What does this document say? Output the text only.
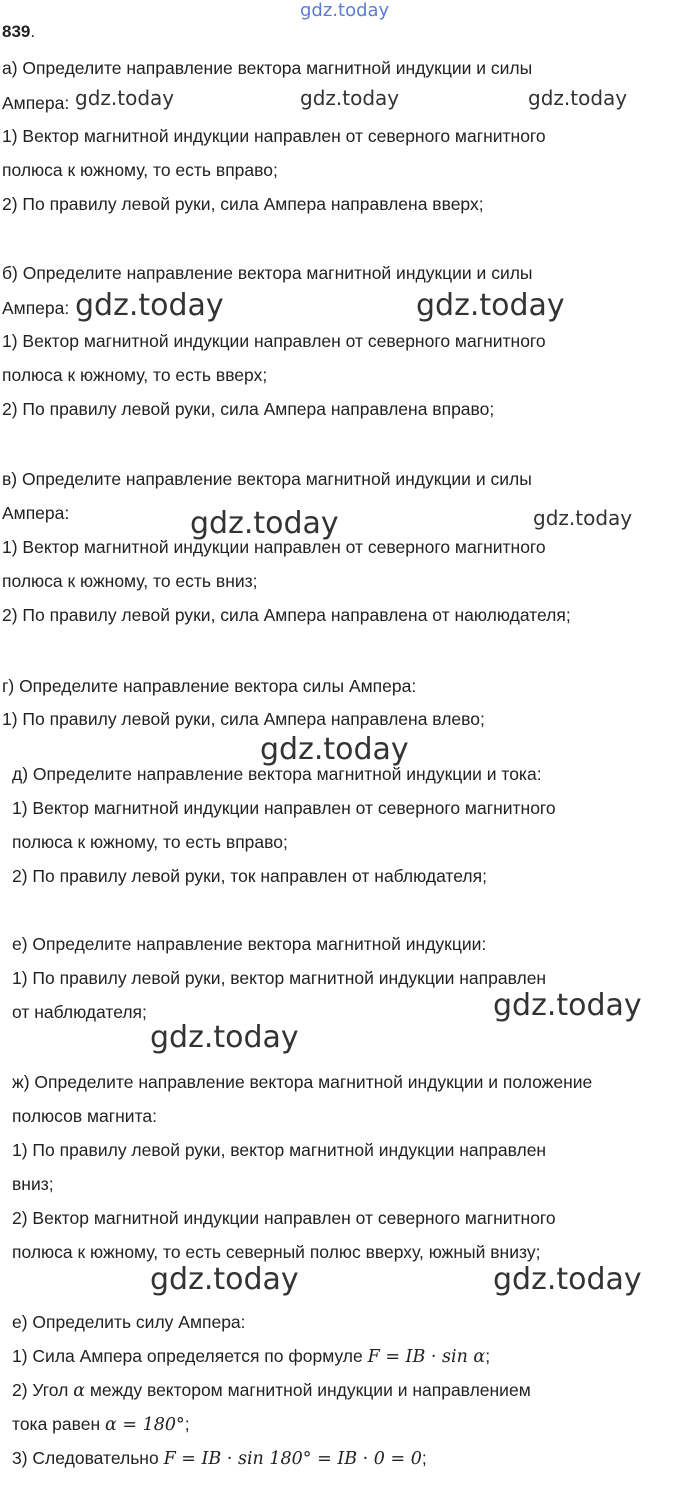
gdz.today
gdz.today	gdz.today	gdz.today
gdz.today	gdz.today
gdz.today	gdz.today
gdz.today
gdz.today
gdz.today
gdz.today	gdz.today
839.
а) Определите направление вектора магнитной индукции и силы
Ампера:
1) Вектор магнитной индукции направлен от северного магнитного
полюса к южному, то есть вправо;
2) По правилу левой руки, сила Ампера направлена вверх;
б) Определите направление вектора магнитной индукции и силы
Ампера:
1) Вектор магнитной индукции направлен от северного магнитного
полюса к южному, то есть вверх;
2) По правилу левой руки, сила Ампера направлена вправо;
в) Определите направление вектора магнитной индукции и силы
Ампера:
1) Вектор магнитной индукции направлен от северного магнитного
полюса к южному, то есть вниз;
2) По правилу левой руки, сила Ампера направлена от наюлюдателя;
г) Определите направление вектора силы Ампера:
1) По правилу левой руки, сила Ампера направлена влево;
д) Определите направление вектора магнитной индукции и тока:
1) Вектор магнитной индукции направлен от северного магнитного
полюса к южному, то есть вправо;
2) По правилу левой руки, ток направлен от наблюдателя;
е) Определите направление вектора магнитной индукции:
1) По правилу левой руки, вектор магнитной индукции направлен
от наблюдателя;
ж) Определите направление вектора магнитной индукции и положение
полюсов магнита:
1) По правилу левой руки, вектор магнитной индукции направлен
вниз;
2) Вектор магнитной индукции направлен от северного магнитного
полюса к южному, то есть северный полюс вверху, южный внизу;
е) Определить силу Ампера:
1) Сила Ампера определяется по формуле F = IB · sin α;
2) Угол α между вектором магнитной индукции и направлением
тока равен α = 180°;
3) Следовательно F = IB · sin 180° = IB · 0 = 0;
